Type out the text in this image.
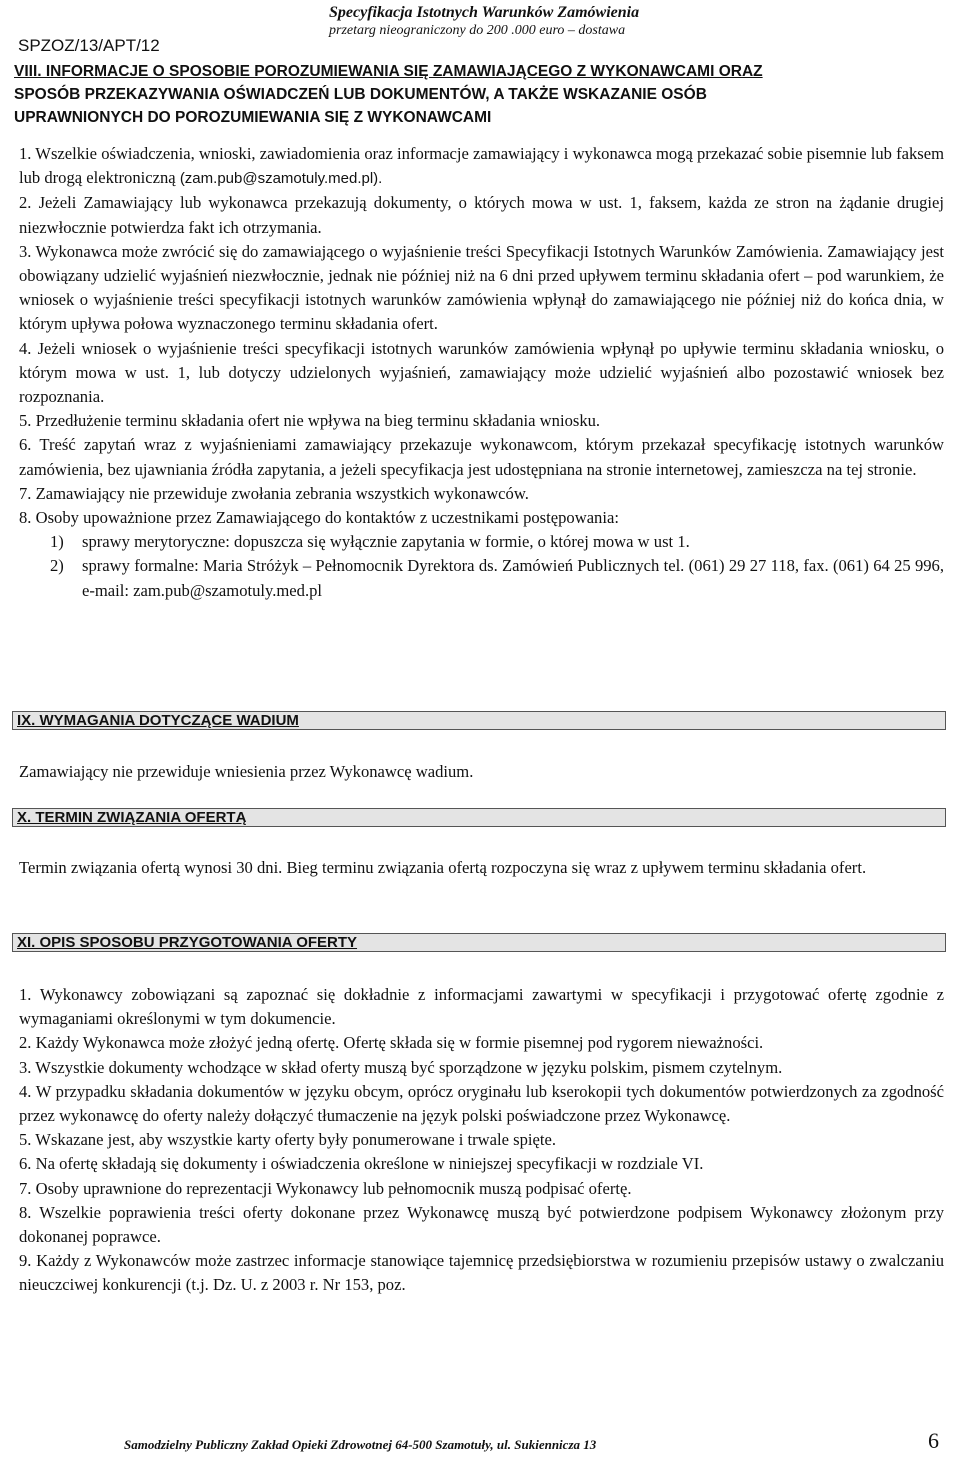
SPZOZ/13/APT/12
Specyfikacja Istotnych Warunków Zamówienia
przetarg nieograniczony do 200 .000 euro – dostawa
VIII. INFORMACJE O SPOSOBIE POROZUMIEWANIA SIĘ ZAMAWIAJĄCEGO Z WYKONAWCAMI ORAZ
SPOSÓB PRZEKAZYWANIA OŚWIADCZEŃ LUB DOKUMENTÓW, A TAKŻE WSKAZANIE OSÓB
UPRAWNIONYCH DO POROZUMIEWANIA SIĘ Z WYKONAWCAMI

1. Wszelkie oświadczenia, wnioski, zawiadomienia oraz informacje zamawiający i wykonawca mogą przekazać sobie pisemnie lub faksem lub drogą elektroniczną (zam.pub@szamotuly.med.pl).

2. Jeżeli Zamawiający lub wykonawca przekazują dokumenty, o których mowa w ust. 1, faksem, każda ze stron na żądanie drugiej niezwłocznie potwierdza fakt ich otrzymania.

3. Wykonawca może zwrócić się do zamawiającego o wyjaśnienie treści Specyfikacji Istotnych Warunków Zamówienia. Zamawiający jest obowiązany udzielić wyjaśnień niezwłocznie, jednak nie później niż na 6 dni przed upływem terminu składania ofert – pod warunkiem, że wniosek o wyjaśnienie treści specyfikacji istotnych warunków zamówienia wpłynął do zamawiającego nie później niż do końca dnia, w którym upływa połowa wyznaczonego terminu składania ofert.

4. Jeżeli wniosek o wyjaśnienie treści specyfikacji istotnych warunków zamówienia wpłynął po upływie terminu składania wniosku, o którym mowa w ust. 1, lub dotyczy udzielonych wyjaśnień, zamawiający może udzielić wyjaśnień albo pozostawić wniosek bez rozpoznania.

5. Przedłużenie terminu składania ofert nie wpływa na bieg terminu składania wniosku.

6. Treść zapytań wraz z wyjaśnieniami zamawiający przekazuje wykonawcom, którym przekazał specyfikację istotnych warunków zamówienia, bez ujawniania źródła zapytania, a jeżeli specyfikacja jest udostępniana na stronie internetowej, zamieszcza na tej stronie.

7. Zamawiający nie przewiduje zwołania zebrania wszystkich wykonawców.

8. Osoby upoważnione przez Zamawiającego do kontaktów z uczestnikami postępowania:

1) sprawy merytoryczne: dopuszcza się wyłącznie zapytania w formie, o której mowa w ust 1.
2) sprawy formalne: Maria Stróżyk – Pełnomocnik Dyrektora ds. Zamówień Publicznych tel. (061) 29 27 118, fax. (061) 64 25 996, e-mail: zam.pub@szamotuly.med.pl
IX. WYMAGANIA DOTYCZĄCE WADIUM

Zamawiający nie przewiduje wniesienia przez Wykonawcę wadium.

X. TERMIN ZWIĄZANIA OFERTĄ

Termin związania ofertą wynosi 30 dni. Bieg terminu związania ofertą rozpoczyna się wraz z upływem terminu składania ofert.

XI. OPIS SPOSOBU PRZYGOTOWANIA OFERTY

1. Wykonawcy zobowiązani są zapoznać się dokładnie z informacjami zawartymi w specyfikacji i przygotować ofertę zgodnie z wymaganiami określonymi w tym dokumencie.

2. Każdy Wykonawca może złożyć jedną ofertę. Ofertę składa się w formie pisemnej pod rygorem nieważności.

3. Wszystkie dokumenty wchodzące w skład oferty muszą być sporządzone w języku polskim, pismem czytelnym.

4. W przypadku składania dokumentów w języku obcym, oprócz oryginału lub kserokopii tych dokumentów potwierdzonych za zgodność przez wykonawcę do oferty należy dołączyć tłumaczenie na język polski poświadczone przez Wykonawcę.

5. Wskazane jest, aby wszystkie karty oferty były ponumerowane i trwale spięte.

6. Na ofertę składają się dokumenty i oświadczenia określone w niniejszej specyfikacji w rozdziale VI.

7. Osoby uprawnione do reprezentacji Wykonawcy lub pełnomocnik muszą podpisać ofertę.

8. Wszelkie poprawienia treści oferty dokonane przez Wykonawcę muszą być potwierdzone podpisem Wykonawcy złożonym przy dokonanej poprawce.

9. Każdy z Wykonawców może zastrzec informacje stanowiące tajemnicę przedsiębiorstwa w rozumieniu przepisów ustawy o zwalczaniu nieuczciwej konkurencji (t.j. Dz. U. z 2003 r. Nr 153, poz.

Samodzielny Publiczny Zakład Opieki Zdrowotnej 64-500 Szamotuły, ul. Sukiennicza 13	6
